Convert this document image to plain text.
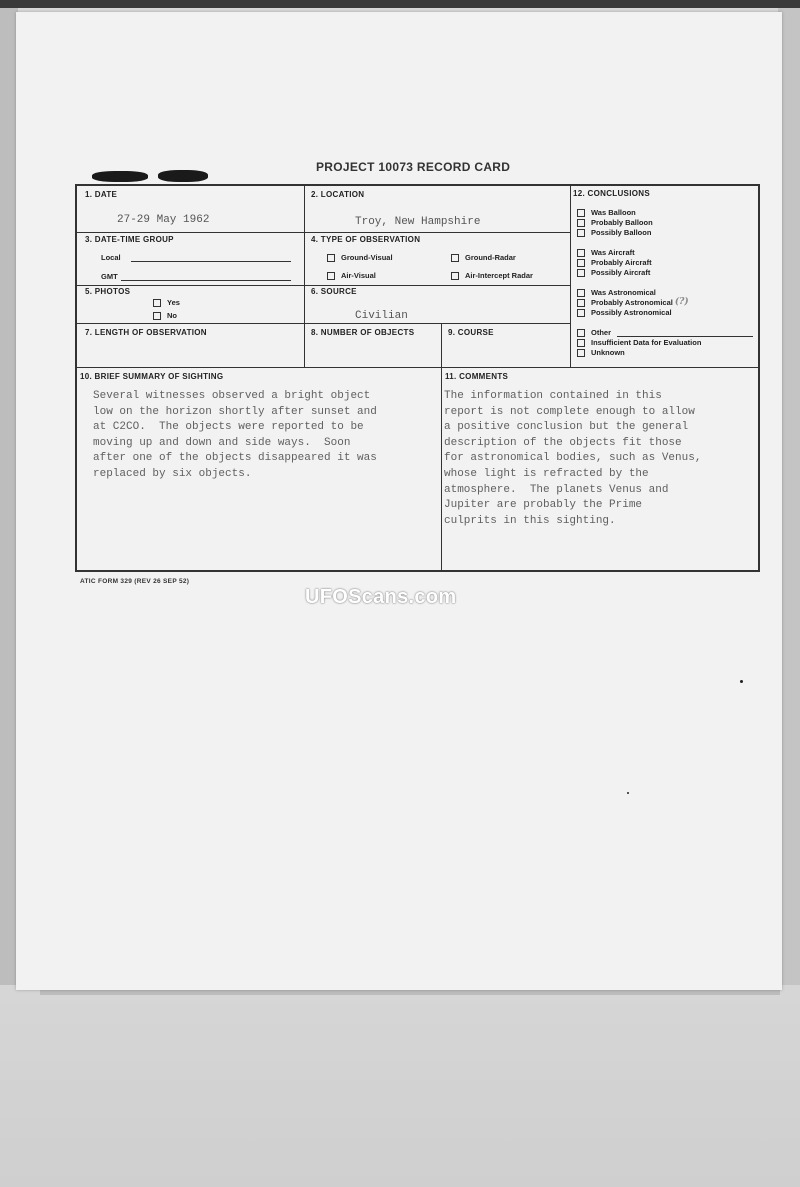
PROJECT 10073 RECORD CARD
1. DATE
27-29 May 1962
2. LOCATION
Troy, New Hampshire
3. DATE-TIME GROUP
Local
GMT
4. TYPE OF OBSERVATION
Ground-Visual	Ground-Radar
Air-Visual	Air-Intercept Radar
5. PHOTOS
Yes
No
6. SOURCE
Civilian
7. LENGTH OF OBSERVATION	8. NUMBER OF OBJECTS	9. COURSE
10. BRIEF SUMMARY OF SIGHTING
Several witnesses observed a bright object
low on the horizon shortly after sunset and
at C2CO.  The objects were reported to be
moving up and down and side ways.  Soon
after one of the objects disappeared it was
replaced by six objects.
11. COMMENTS
The information contained in this
report is not complete enough to allow
a positive conclusion but the general
description of the objects fit those
for astronomical bodies, such as Venus,
whose light is refracted by the
atmosphere.  The planets Venus and
Jupiter are probably the Prime
culprits in this sighting.
12. CONCLUSIONS
Was Balloon
Probably Balloon
Possibly Balloon
Was Aircraft
Probably Aircraft
Possibly Aircraft
Was Astronomical
Probably Astronomical (?)
Possibly Astronomical
Other
Insufficient Data for Evaluation
Unknown
ATIC FORM 329 (REV 26 SEP 52)
UFOScans.com
